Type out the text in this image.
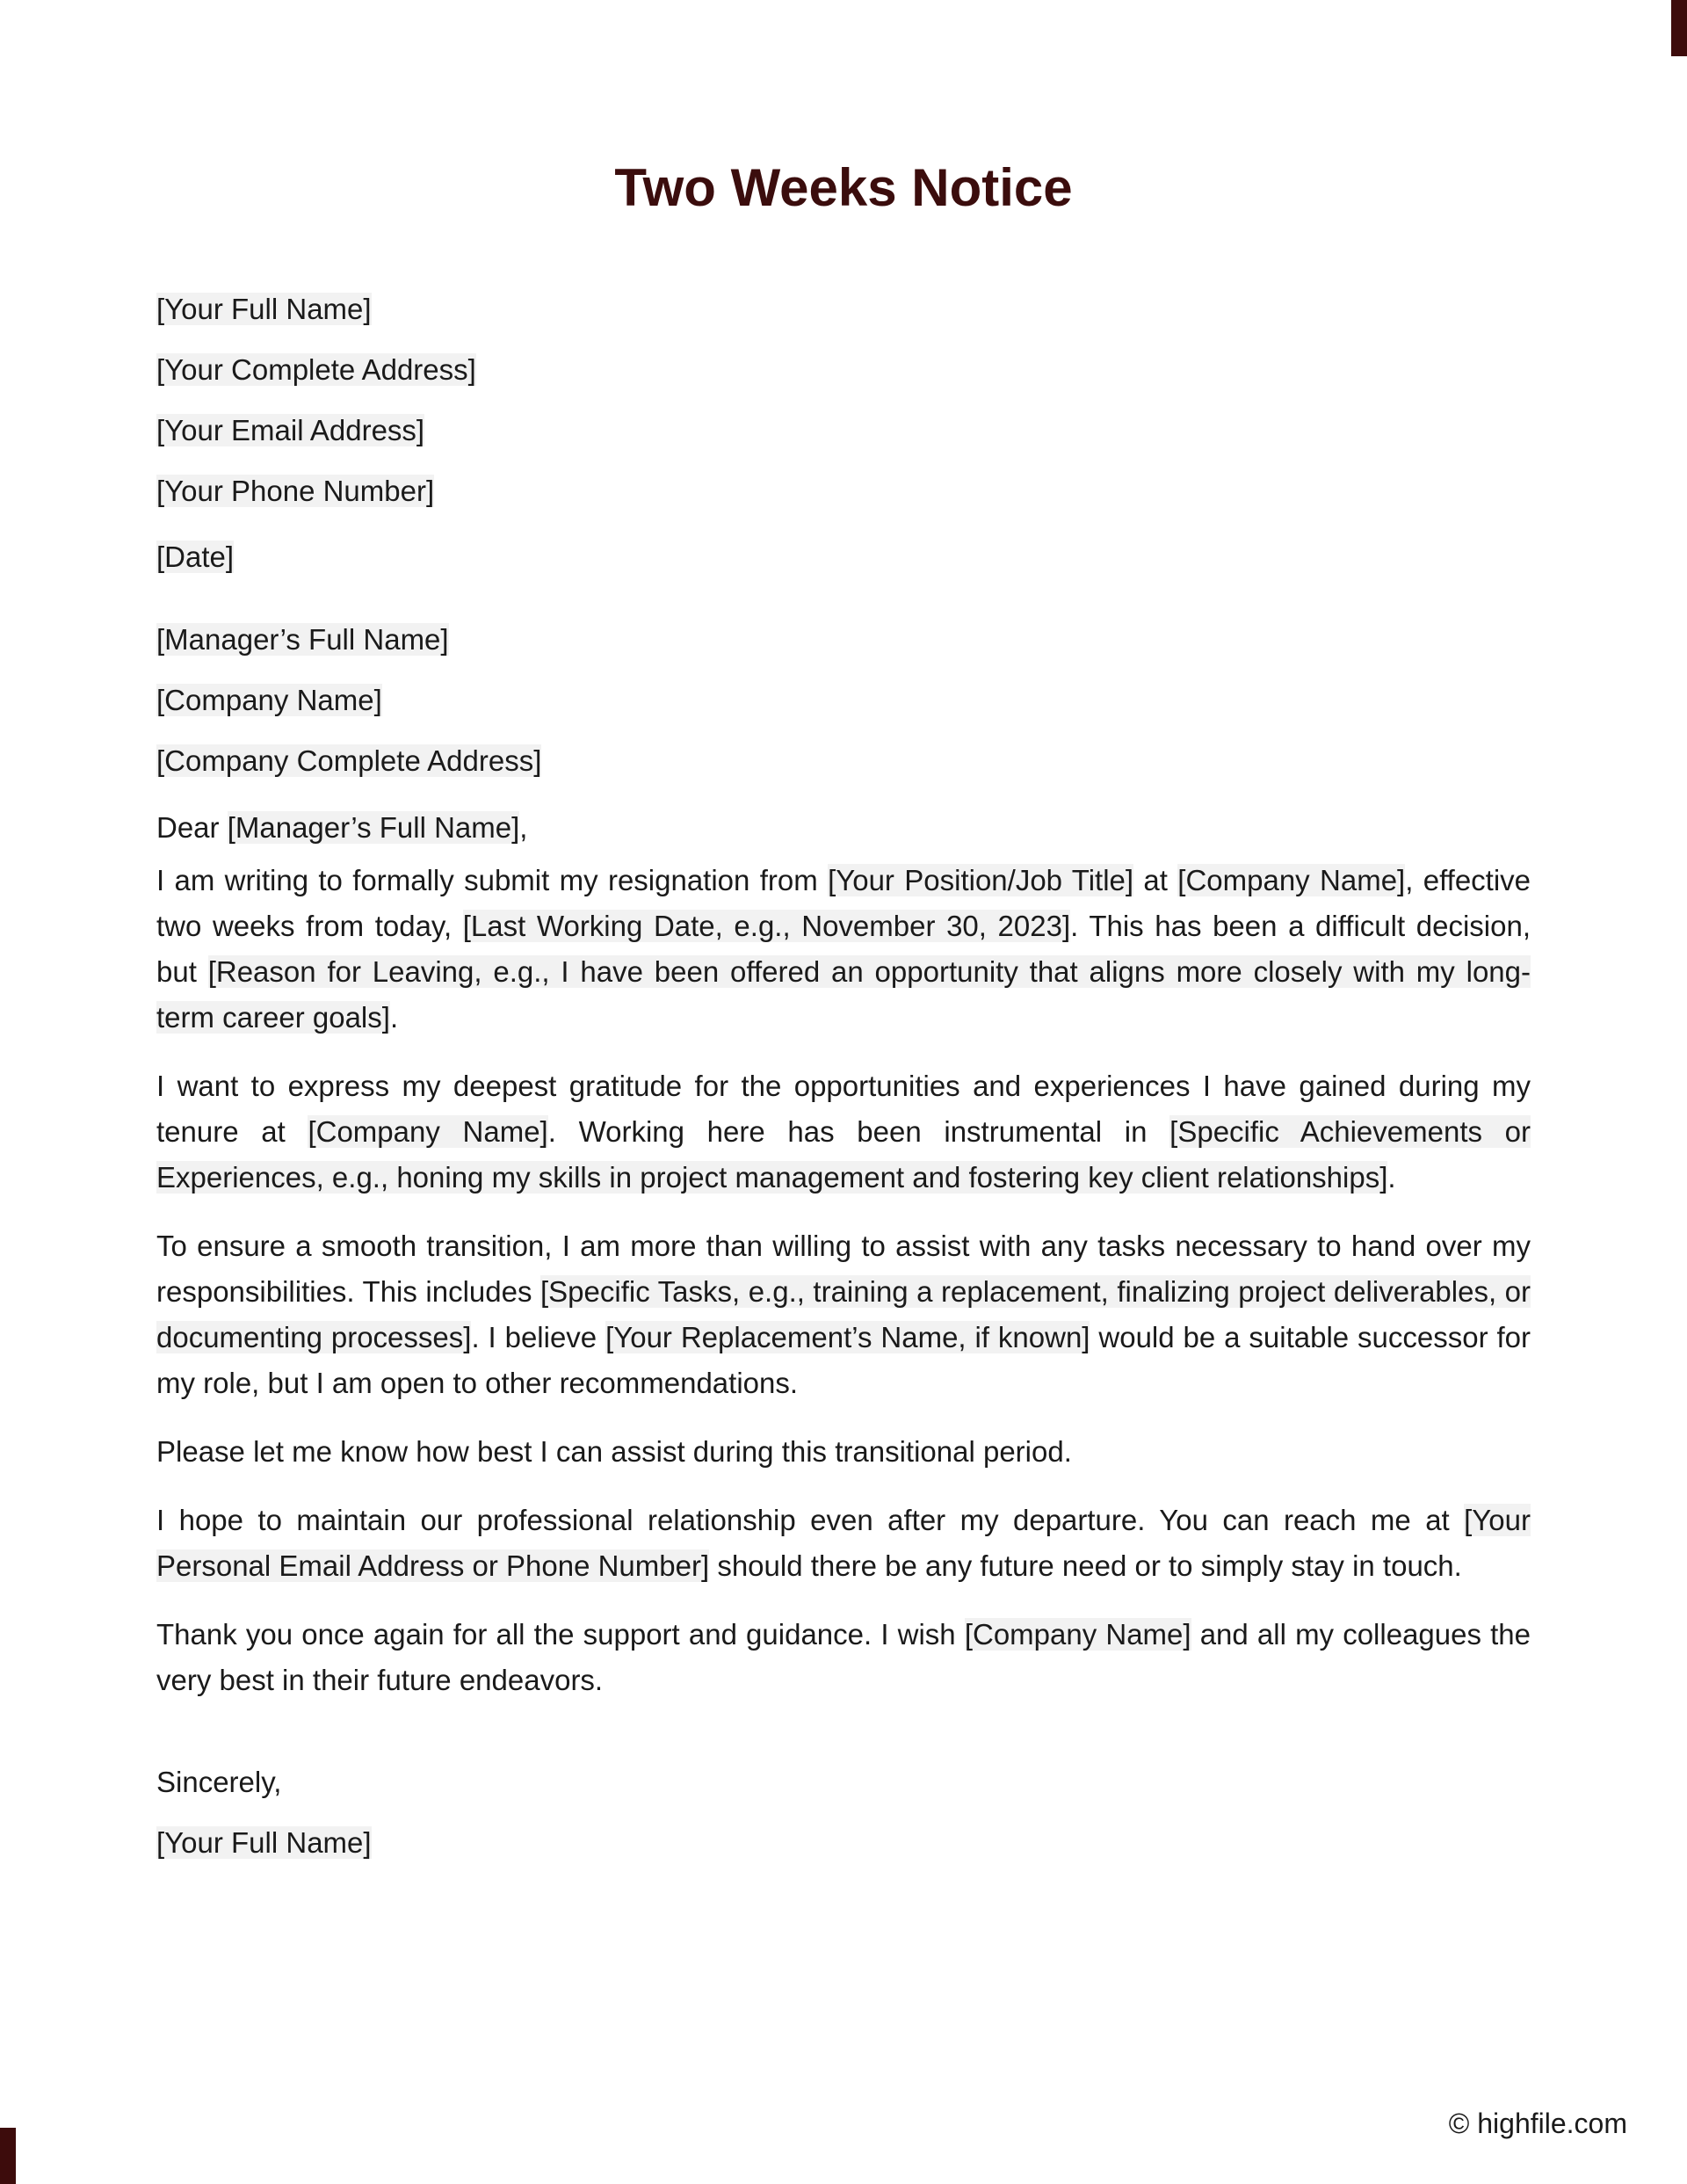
Two Weeks Notice
[Your Full Name]
[Your Complete Address]
[Your Email Address]
[Your Phone Number]
[Date]
[Manager’s Full Name]
[Company Name]
[Company Complete Address]
Dear [Manager’s Full Name],

I am writing to formally submit my resignation from [Your Position/Job Title] at [Company Name], effective two weeks from today, [Last Working Date, e.g., November 30, 2023]. This has been a difficult decision, but [Reason for Leaving, e.g., I have been offered an opportunity that aligns more closely with my long-term career goals].

I want to express my deepest gratitude for the opportunities and experiences I have gained during my tenure at [Company Name]. Working here has been instrumental in [Specific Achievements or Experiences, e.g., honing my skills in project management and fostering key client relationships].

To ensure a smooth transition, I am more than willing to assist with any tasks necessary to hand over my responsibilities. This includes [Specific Tasks, e.g., training a replacement, finalizing project deliverables, or documenting processes]. I believe [Your Replacement’s Name, if known] would be a suitable successor for my role, but I am open to other recommendations.

Please let me know how best I can assist during this transitional period.

I hope to maintain our professional relationship even after my departure. You can reach me at [Your Personal Email Address or Phone Number] should there be any future need or to simply stay in touch.

Thank you once again for all the support and guidance. I wish [Company Name] and all my colleagues the very best in their future endeavors.

Sincerely,
[Your Full Name]
© highfile.com
